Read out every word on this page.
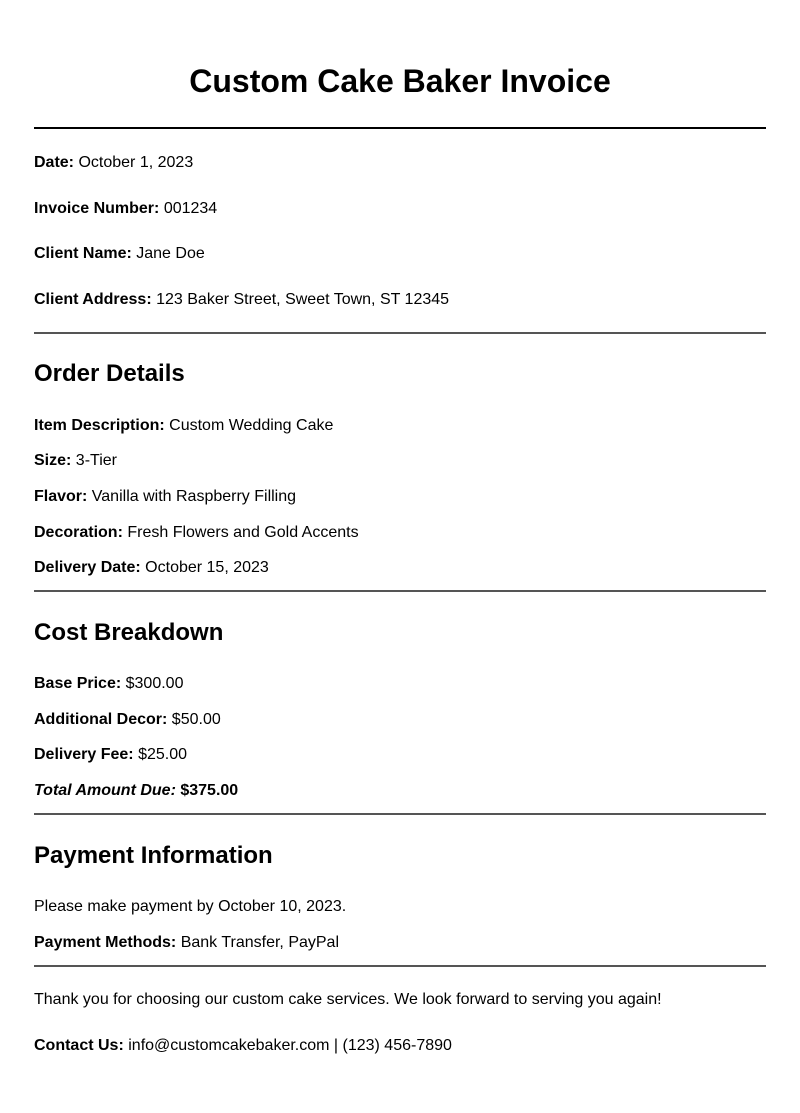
Custom Cake Baker Invoice
Date: October 1, 2023
Invoice Number: 001234
Client Name: Jane Doe
Client Address: 123 Baker Street, Sweet Town, ST 12345
Order Details
Item Description: Custom Wedding Cake
Size: 3-Tier
Flavor: Vanilla with Raspberry Filling
Decoration: Fresh Flowers and Gold Accents
Delivery Date: October 15, 2023
Cost Breakdown
Base Price: $300.00
Additional Decor: $50.00
Delivery Fee: $25.00
Total Amount Due: $375.00
Payment Information
Please make payment by October 10, 2023.
Payment Methods: Bank Transfer, PayPal
Thank you for choosing our custom cake services. We look forward to serving you again!
Contact Us: info@customcakebaker.com | (123) 456-7890
